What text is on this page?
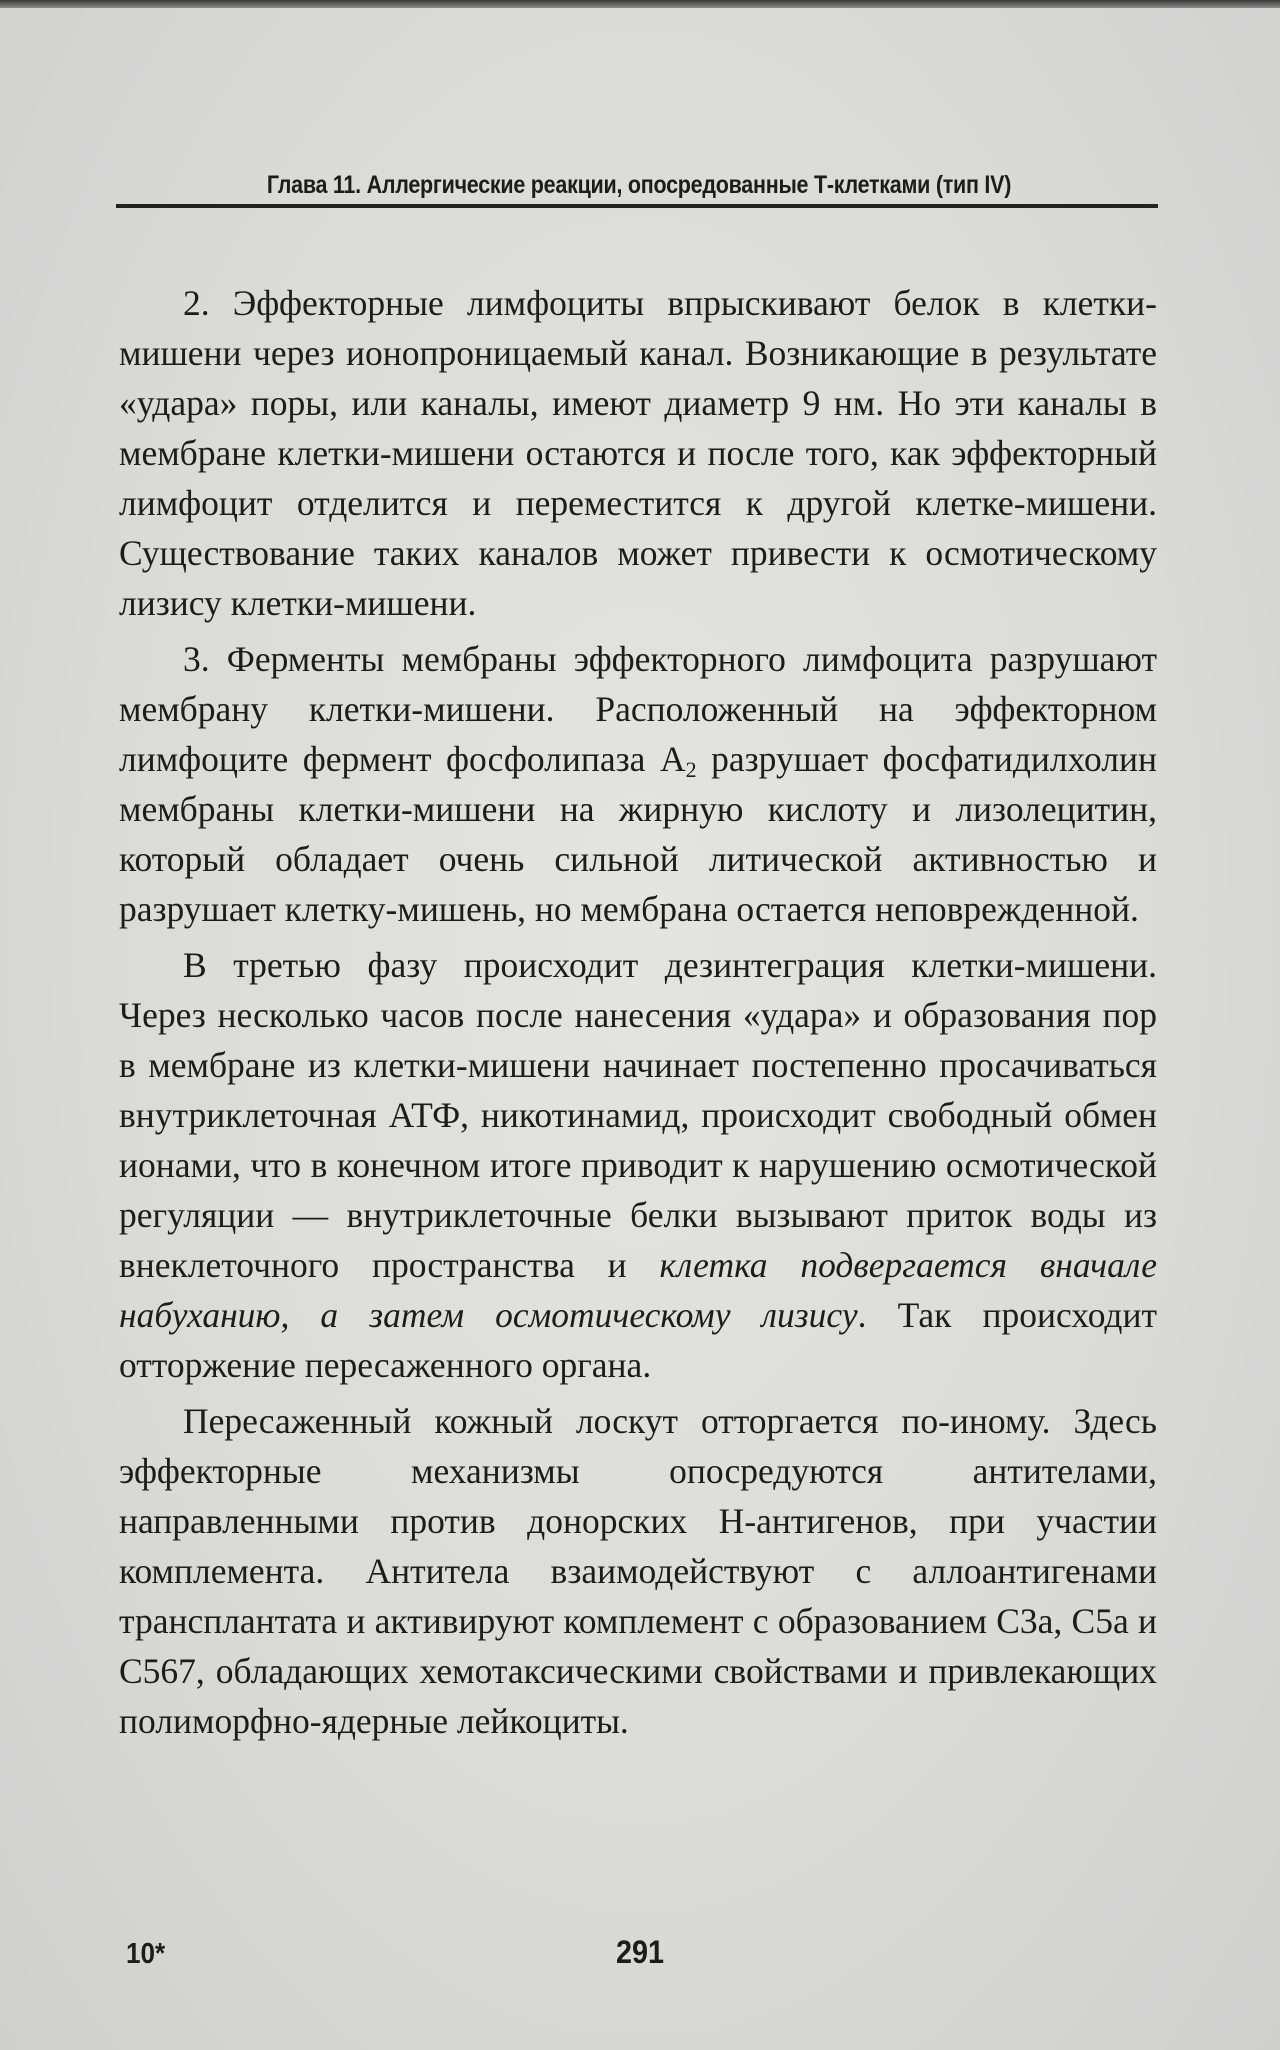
Глава 11. Аллергические реакции, опосредованные Т-клетками (тип IV)

2. Эффекторные лимфоциты впрыскивают белок в клетки-мишени через ионопроницаемый канал. Возникающие в результате «удара» поры, или каналы, имеют диаметр 9 нм. Но эти каналы в мембране клетки-мишени остаются и после того, как эффекторный лимфоцит отделится и переместится к другой клетке-мишени. Существование таких каналов может привести к осмотическому лизису клетки-мишени.

3. Ферменты мембраны эффекторного лимфоцита разрушают мембрану клетки-мишени. Расположенный на эффекторном лимфоците фермент фосфолипаза $А_2$ разрушает фосфатидилхолин мембраны клетки-мишени на жирную кислоту и лизолецитин, который обладает очень сильной литической активностью и разрушает клетку-мишень, но мембрана остается неповрежденной.

В третью фазу происходит дезинтеграция клетки-мишени. Через несколько часов после нанесения «удара» и образования пор в мембране из клетки-мишени начинает постепенно просачиваться внутриклеточная АТФ, никотинамид, происходит свободный обмен ионами, что в конечном итоге приводит к нарушению осмотической регуляции — внутриклеточные белки вызывают приток воды из внеклеточного пространства и клетка подвергается вначале набуханию, а затем осмотическому лизису. Так происходит отторжение пересаженного органа.

Пересаженный кожный лоскут отторгается по-иному. Здесь эффекторные механизмы опосредуются антителами, направленными против донорских Н-антигенов, при участии комплемента. Антитела взаимодействуют с аллоантигенами трансплантата и активируют комплемент с образованием С3а, С5а и С567, обладающих хемотаксическими свойствами и привлекающих полиморфно-ядерные лейкоциты.

10*	291
